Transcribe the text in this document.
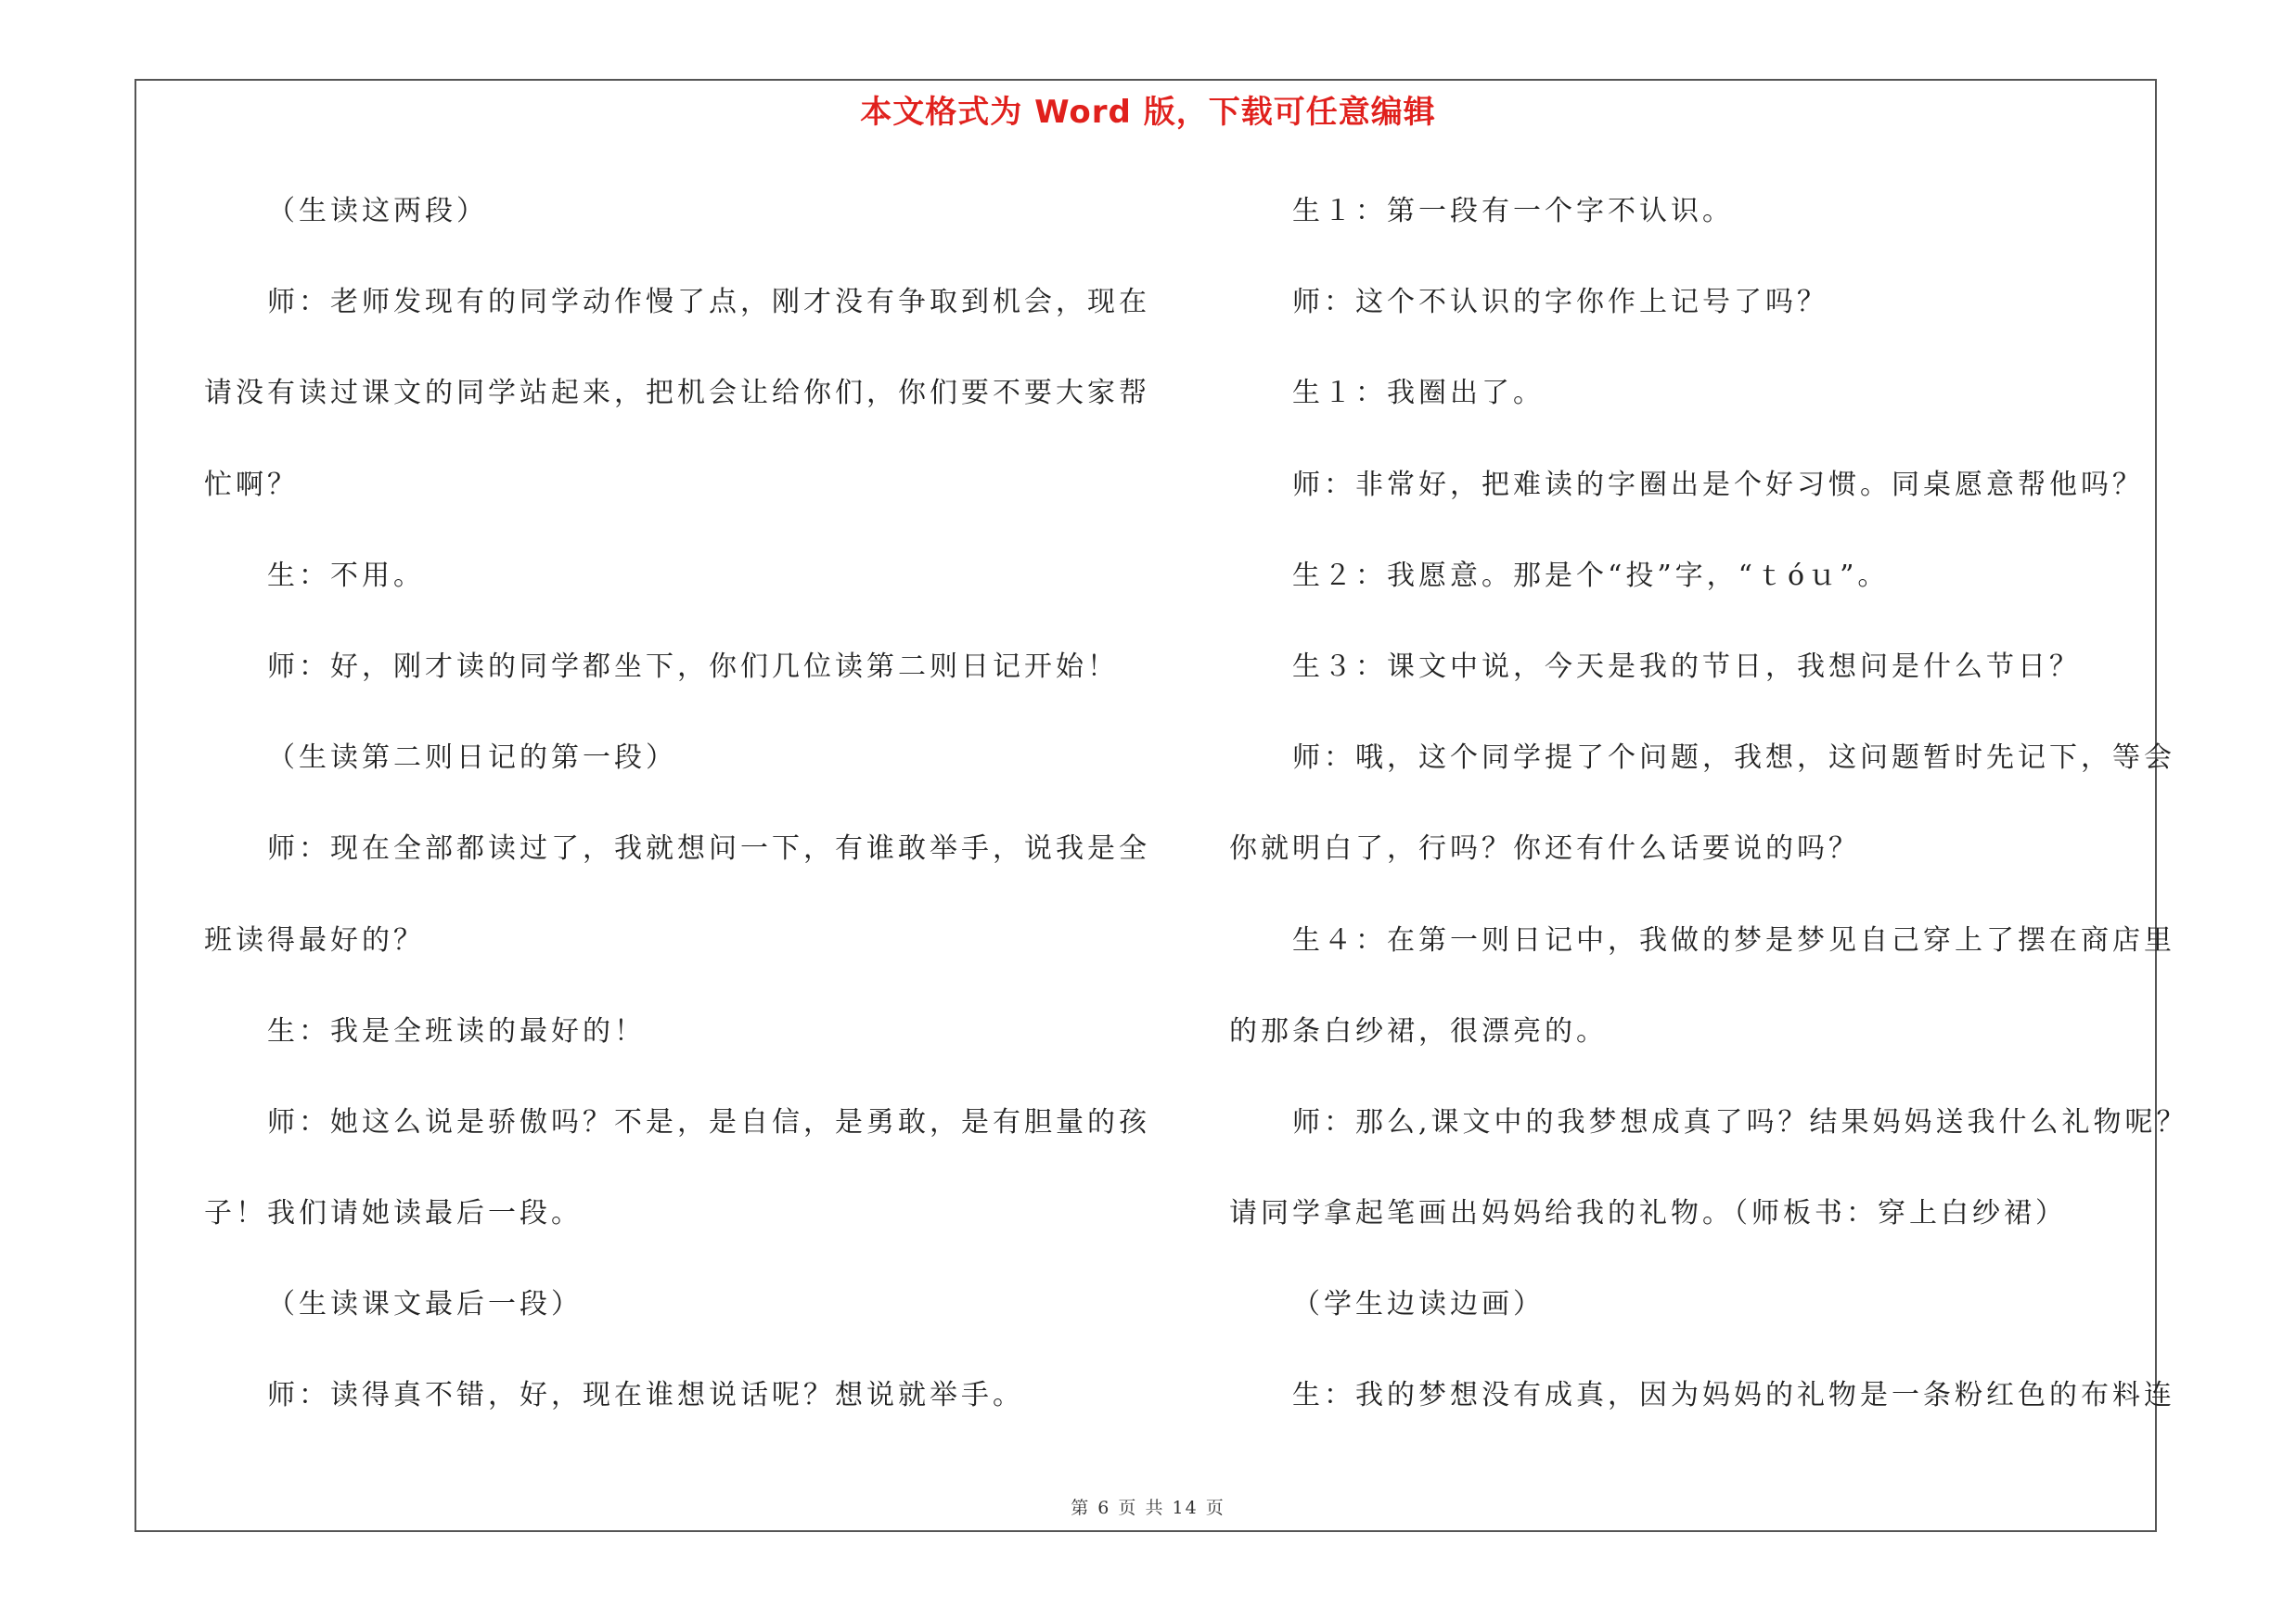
本文格式为 Word 版，下载可任意编辑
（生读这两段）
师：老师发现有的同学动作慢了点，刚才没有争取到机会，现在
请没有读过课文的同学站起来，把机会让给你们，你们要不要大家帮
忙啊？
生：不用。
师：好，刚才读的同学都坐下，你们几位读第二则日记开始！
（生读第二则日记的第一段）
师：现在全部都读过了，我就想问一下，有谁敢举手，说我是全
班读得最好的？
生：我是全班读的最好的！
师：她这么说是骄傲吗？不是，是自信，是勇敢，是有胆量的孩
子！我们请她读最后一段。
（生读课文最后一段）
师：读得真不错，好，现在谁想说话呢？想说就举手。
生１：第一段有一个字不认识。
师：这个不认识的字你作上记号了吗？
生１：我圈出了。
师：非常好，把难读的字圈出是个好习惯。同桌愿意帮他吗？
生２：我愿意。那是个“投”字，“ｔóｕ”。
生３：课文中说，今天是我的节日，我想问是什么节日？
师：哦，这个同学提了个问题，我想，这问题暂时先记下，等会
你就明白了，行吗？你还有什么话要说的吗？
生４：在第一则日记中，我做的梦是梦见自己穿上了摆在商店里
的那条白纱裙，很漂亮的。
师：那么,课文中的我梦想成真了吗？结果妈妈送我什么礼物呢？
请同学拿起笔画出妈妈给我的礼物。（师板书：穿上白纱裙）
（学生边读边画）
生：我的梦想没有成真，因为妈妈的礼物是一条粉红色的布料连
第 6 页 共 14 页
